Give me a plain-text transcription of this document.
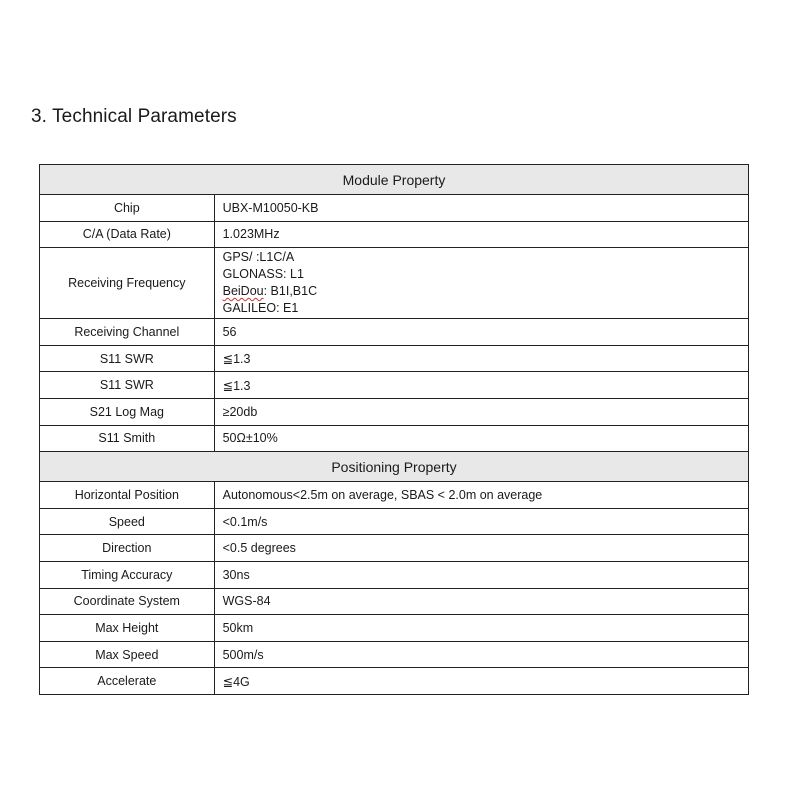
3. Technical Parameters
Module Property	
Chip	UBX-M10050-KB
C/A (Data Rate)	1.023MHz
Receiving Frequency	GPS/ :L1C/A
GLONASS: L1
BeiDou: B1I,B1C
GALILEO: E1

Receiving Channel	56
S11 SWR	≦1.3
S11 SWR	≦1.3
S21 Log Mag	≥20db
S11 Smith	50Ω±10%
Positioning Property	
Horizontal Position	Autonomous<2.5m on average, SBAS < 2.0m on average
Speed	<0.1m/s
Direction	<0.5 degrees
Timing Accuracy	30ns
Coordinate System	WGS-84
Max Height	50km
Max Speed	500m/s
Accelerate	≦4G
